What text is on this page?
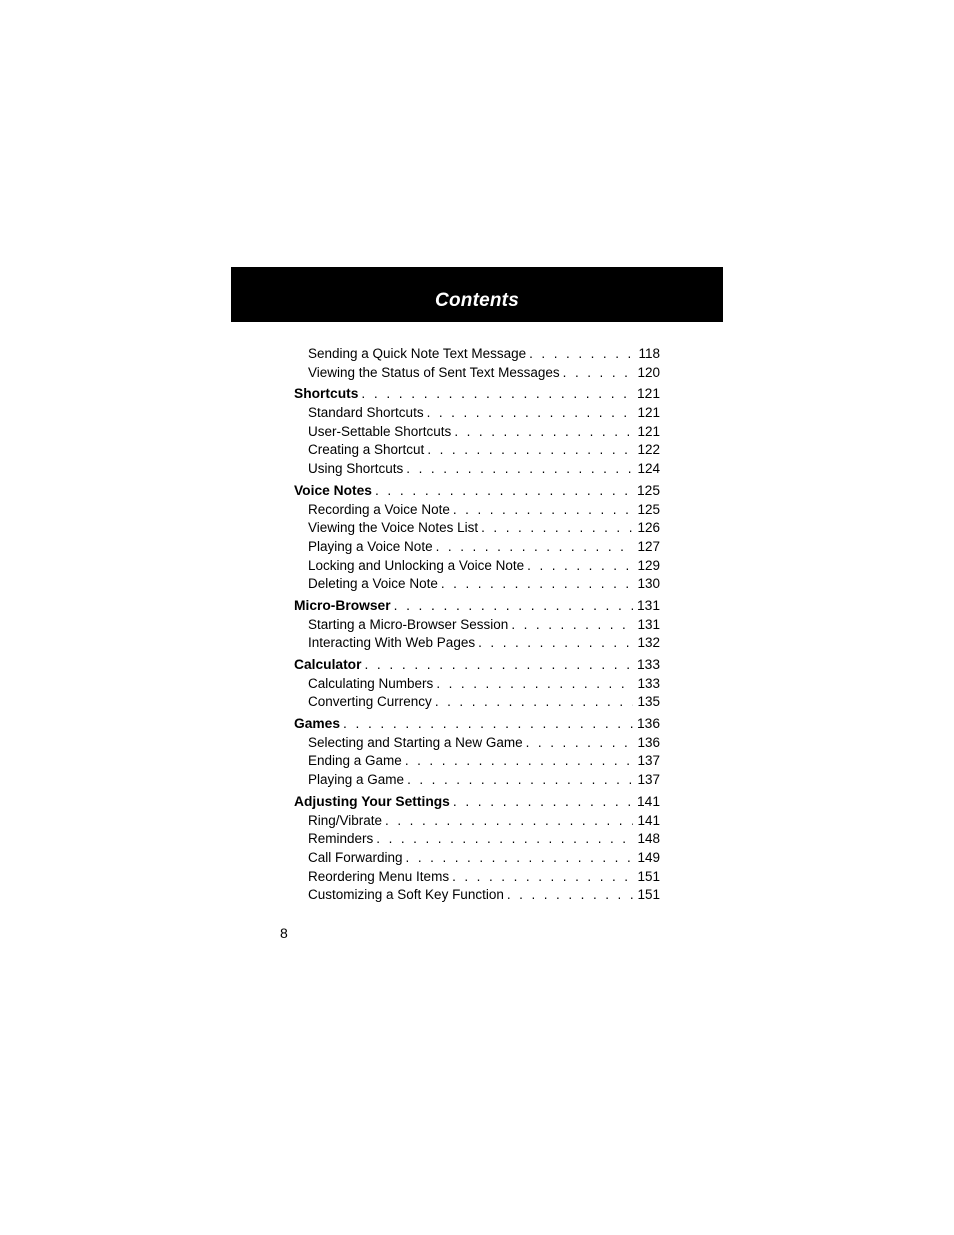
Contents
Sending a Quick Note Text Message . . .	118
Viewing the Status of Sent Text Messages . . .	120
Shortcuts . . .	121
Standard Shortcuts . . .	121
User-Settable Shortcuts . . .	121
Creating a Shortcut . . .	122
Using Shortcuts . . .	124
Voice Notes . . .	125
Recording a Voice Note . . .	125
Viewing the Voice Notes List . . .	126
Playing a Voice Note . . .	127
Locking and Unlocking a Voice Note . . .	129
Deleting a Voice Note . . .	130
Micro-Browser . . .	131
Starting a Micro-Browser Session . . .	131
Interacting With Web Pages . . .	132
Calculator . . .	133
Calculating Numbers . . .	133
Converting Currency . . .	135
Games . . .	136
Selecting and Starting a New Game . . .	136
Ending a Game . . .	137
Playing a Game . . .	137
Adjusting Your Settings . . .	141
Ring/Vibrate . . .	141
Reminders . . .	148
Call Forwarding . . .	149
Reordering Menu Items . . .	151
Customizing a Soft Key Function . . .	151
8
